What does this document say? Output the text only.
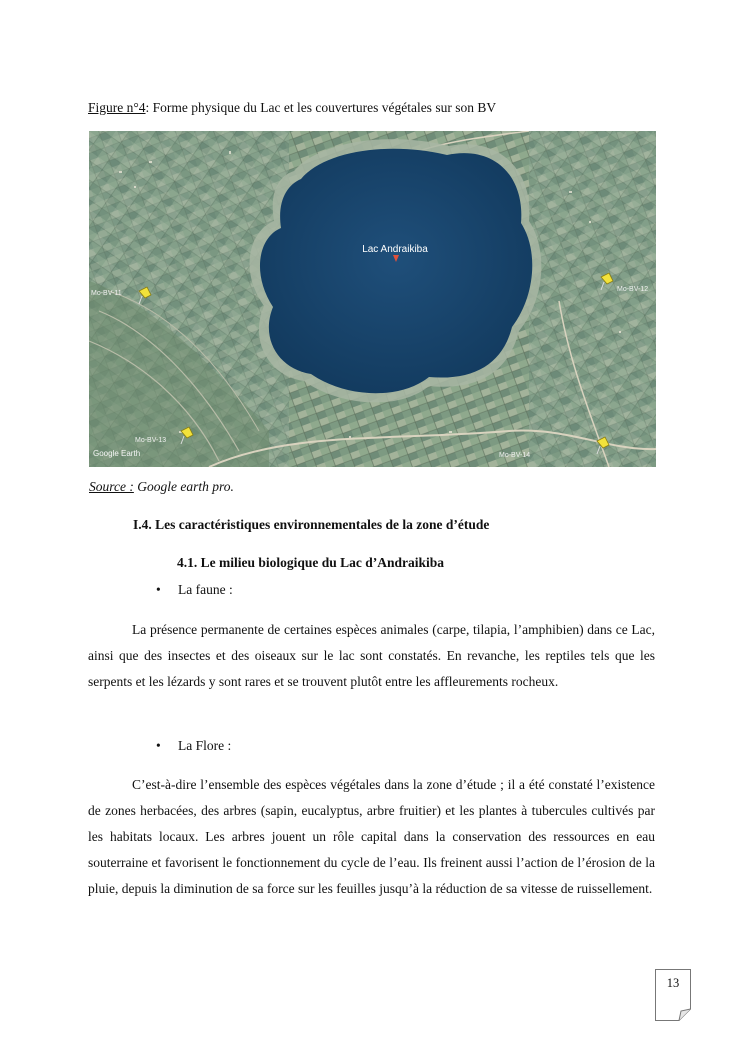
Figure n°4: Forme physique du Lac et les couvertures végétales sur son BV
Lac Andraikiba
Mo-BV-11
Mo-BV-12
Mo-BV-13
Mo-BV-14
Google Earth
Source : Google earth pro.
I.4. Les caractéristiques environnementales de la zone d’étude
4.1. Le milieu biologique du Lac d’Andraikiba
• La faune :

La présence permanente de certaines espèces animales (carpe, tilapia, l’amphibien) dans ce Lac, ainsi que des insectes et des oiseaux sur le lac sont constatés. En revanche, les reptiles tels que les serpents et les lézards y sont rares et se trouvent plutôt entre les affleurements rocheux.

• La Flore :

C’est-à-dire l’ensemble des espèces végétales dans la zone d’étude ; il a été constaté l’existence de zones herbacées, des arbres (sapin, eucalyptus, arbre fruitier) et les plantes à tubercules cultivés par les habitats locaux. Les arbres jouent un rôle capital dans la conservation des ressources en eau souterraine et favorisent le fonctionnement du cycle de l’eau. Ils freinent aussi l’action de l’érosion de la pluie, depuis la diminution de sa force sur les feuilles jusqu’à la réduction de sa vitesse de ruissellement.

13
